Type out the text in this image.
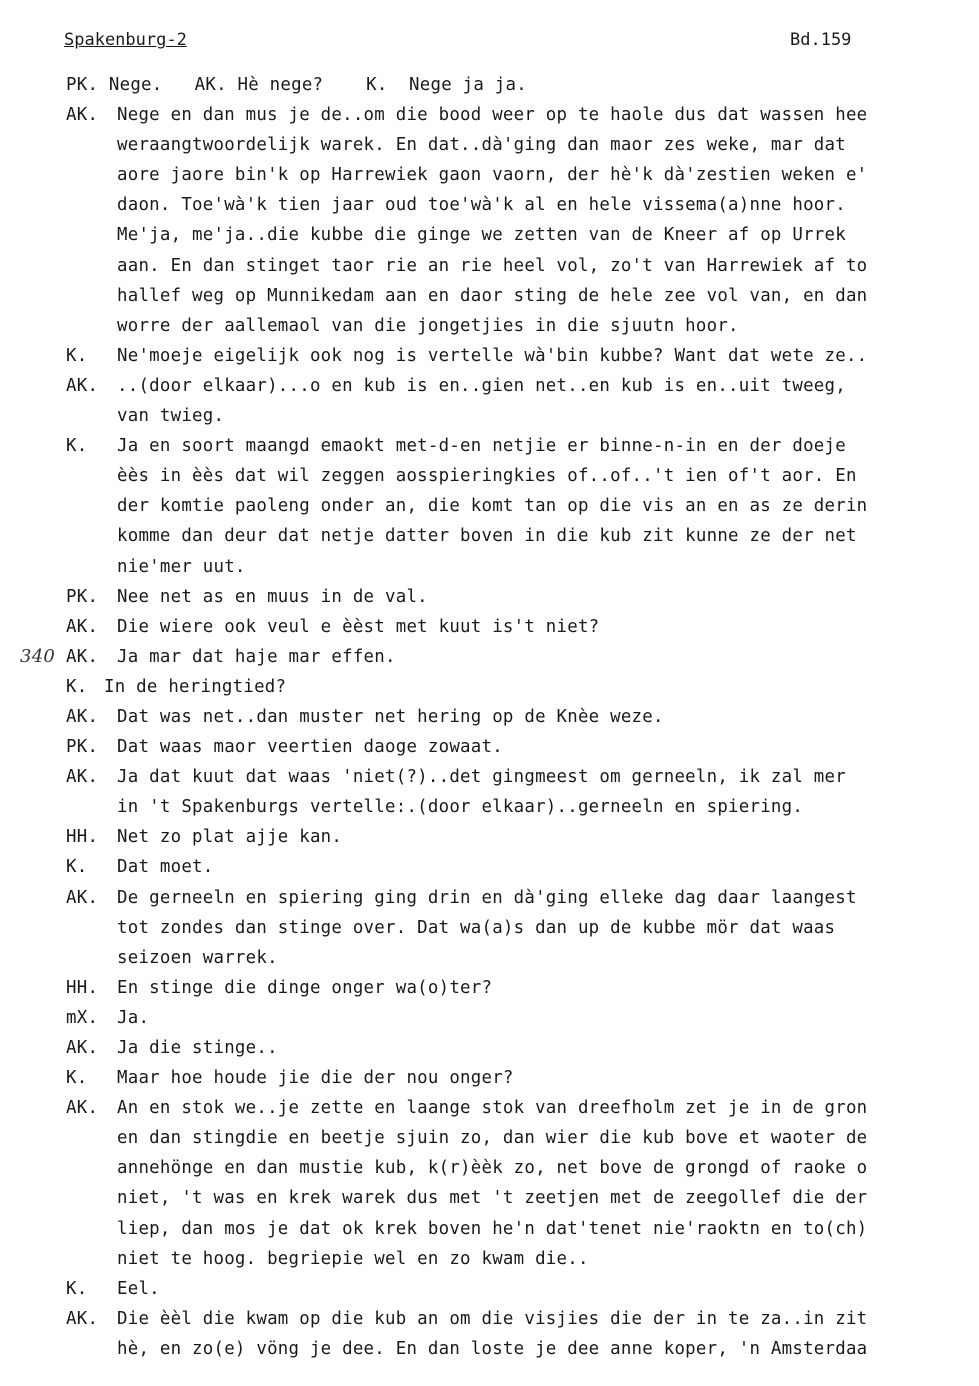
Spakenburg-2	Bd.159
PK. Nege.   AK. Hè nege?    K.  Nege ja ja.
AK. Nege en dan mus je de..om die bood weer op te haole dus dat wassen hee
weraangtwoordelijk warek. En dat..dà'ging dan maor zes weke, mar dat
aore jaore bin'k op Harrewiek gaon vaorn, der hè'k dà'zestien weken e'
daon. Toe'wà'k tien jaar oud toe'wà'k al en hele vissema(a)nne hoor.
Me'ja, me'ja..die kubbe die ginge we zetten van de Kneer af op Urrek
aan. En dan stinget taor rie an rie heel vol, zo't van Harrewiek af to
hallef weg op Munnikedam aan en daor sting de hele zee vol van, en dan
worre der aallemaol van die jongetjies in die sjuutn hoor.
K. Ne'moeje eigelijk ook nog is vertelle wà'bin kubbe? Want dat wete ze..
AK. ..(door elkaar)...o en kub is en..gien net..en kub is en..uit tweeg,
van twieg.
K. Ja en soort maangd emaokt met-d-en netjie er binne-n-in en der doeje
èès in èès dat wil zeggen aosspieringkies of..of..'t ien of't aor. En
der komtie paoleng onder an, die komt tan op die vis an en as ze derin
komme dan deur dat netje datter boven in die kub zit kunne ze der net
nie'mer uut.
PK. Nee net as en muus in de val.
AK. Die wiere ook veul e èèst met kuut is't niet?
340 AK. Ja mar dat haje mar effen.
K. In de heringtied?
AK. Dat was net..dan muster net hering op de Knèe weze.
PK. Dat waas maor veertien daoge zowaat.
AK. Ja dat kuut dat waas 'niet(?)..det gingmeest om gerneeln, ik zal mer
in 't Spakenburgs vertelle:.(door elkaar)..gerneeln en spiering.
HH. Net zo plat ajje kan.
K. Dat moet.
AK. De gerneeln en spiering ging drin en dà'ging elleke dag daar laangest
tot zondes dan stinge over. Dat wa(a)s dan up de kubbe mör dat waas
seizoen warrek.
HH. En stinge die dinge onger wa(o)ter?
mX. Ja.
AK. Ja die stinge..
K. Maar hoe houde jie die der nou onger?
AK. An en stok we..je zette en laange stok van dreefholm zet je in de gron
en dan stingdie en beetje sjuin zo, dan wier die kub bove et waoter de
annehönge en dan mustie kub, k(r)èèk zo, net bove de grongd of raoke o
niet, 't was en krek warek dus met 't zeetjen met de zeegollef die der
liep, dan mos je dat ok krek boven he'n dat'tenet nie'raoktn en to(ch)
niet te hoog. begriepie wel en zo kwam die..
K. Eel.
AK. Die èèl die kwam op die kub an om die visjies die der in te za..in zit
hè, en zo(e) vöng je dee. En dan loste je dee anne koper, 'n Amsterdaa
